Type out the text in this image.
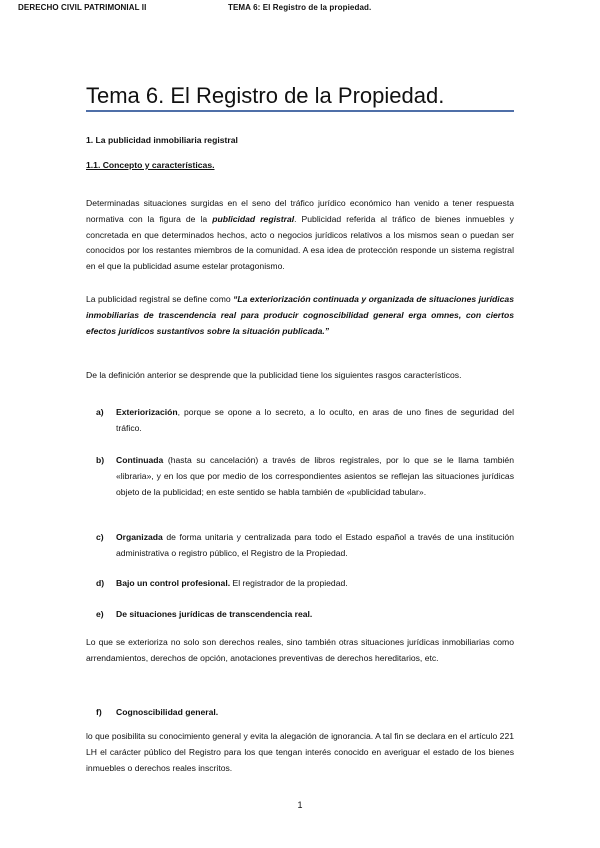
DERECHO CIVIL PATRIMONIAL II	TEMA 6: El Registro de la propiedad.
Tema 6. El Registro de la Propiedad.
1. La publicidad inmobiliaria registral
1.1. Concepto y características.

Determinadas situaciones surgidas en el seno del tráfico jurídico económico han venido a tener respuesta normativa con la figura de la publicidad registral. Publicidad referida al tráfico de bienes inmuebles y concretada en que determinados hechos, acto o negocios jurídicos relativos a los mismos sean o puedan ser conocidos por los restantes miembros de la comunidad. A esa idea de protección responde un sistema registral en el que la publicidad asume estelar protagonismo.

La publicidad registral se define como “La exteriorización continuada y organizada de situaciones jurídicas inmobiliarias de trascendencia real para producir cognoscibilidad general erga omnes, con ciertos efectos jurídicos sustantivos sobre la situación publicada.”

De la definición anterior se desprende que la publicidad tiene los siguientes rasgos característicos.

a) Exteriorización, porque se opone a lo secreto, a lo oculto, en aras de uno fines de seguridad del tráfico.
b) Continuada (hasta su cancelación) a través de libros registrales, por lo que se le llama también «libraria», y en los que por medio de los correspondientes asientos se reflejan las situaciones jurídicas objeto de la publicidad; en este sentido se habla también de «publicidad tabular».
c) Organizada de forma unitaria y centralizada para todo el Estado español a través de una institución administrativa o registro público, el Registro de la Propiedad.
d) Bajo un control profesional. El registrador de la propiedad.
e) De situaciones jurídicas de transcendencia real.

Lo que se exterioriza no solo son derechos reales, sino también otras situaciones jurídicas inmobiliarias como arrendamientos, derechos de opción, anotaciones preventivas de derechos hereditarios, etc.

f) Cognoscibilidad general.

lo que posibilita su conocimiento general y evita la alegación de ignorancia. A tal fin se declara en el artículo 221 LH el carácter público del Registro para los que tengan interés conocido en averiguar el estado de los bienes inmuebles o derechos reales inscritos.

1
